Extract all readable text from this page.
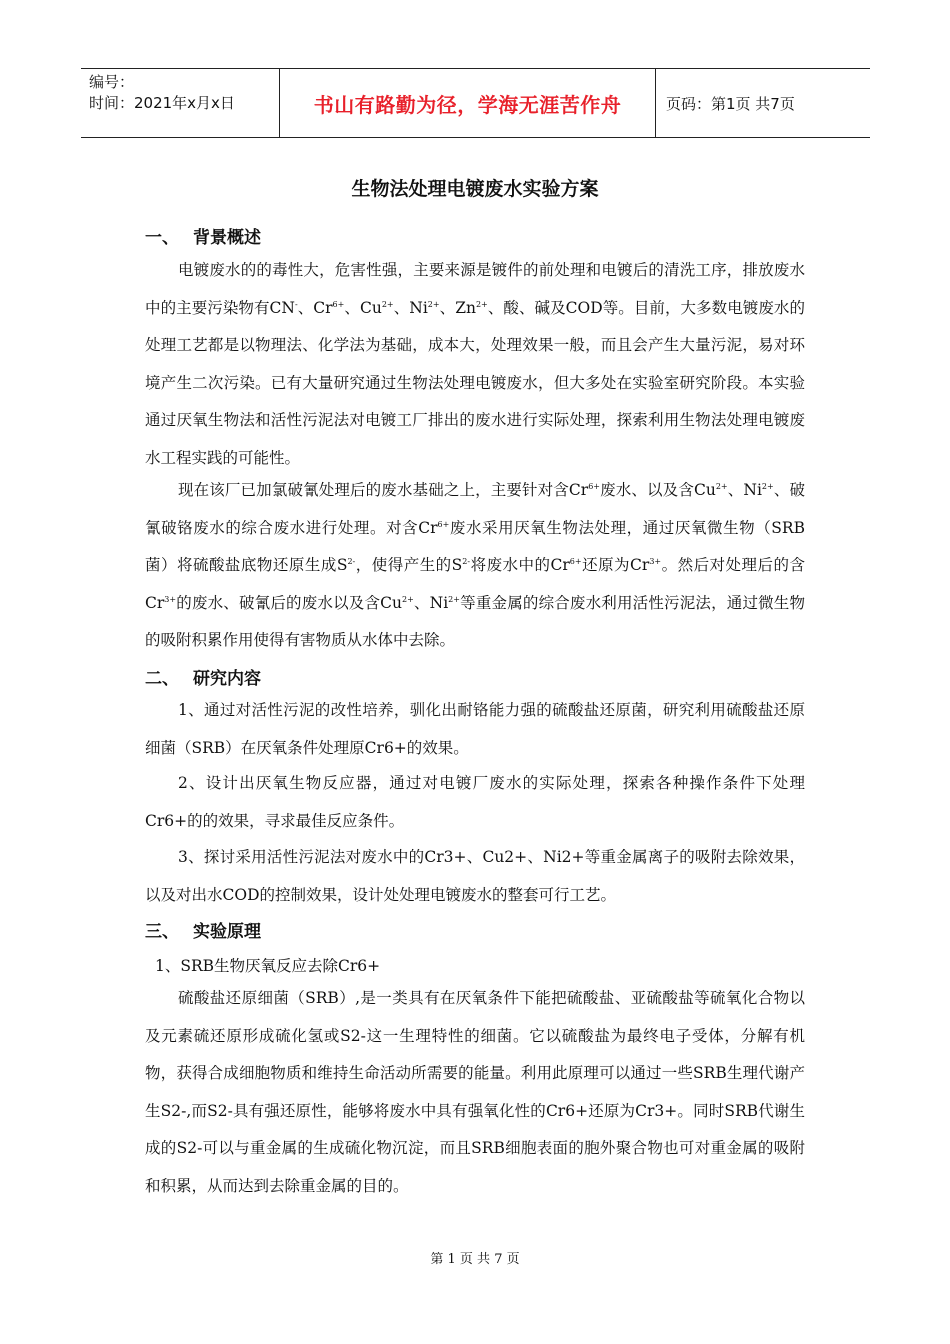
编号：
时间：2021年x月x日	书山有路勤为径，学海无涯苦作舟	页码：第1页 共7页
生物法处理电镀废水实验方案
一、 背景概述
电镀废水的的毒性大，危害性强，主要来源是镀件的前处理和电镀后的清洗工序，排放废水中的主要污染物有CN-、$Cr^{6+}$、$Cu^{2+}$、$Ni^{2+}$、$Zn^{2+}$、酸、碱及COD等。目前，大多数电镀废水的处理工艺都是以物理法、化学法为基础，成本大，处理效果一般，而且会产生大量污泥，易对环境产生二次污染。已有大量研究通过生物法处理电镀废水，但大多处在实验室研究阶段。本实验通过厌氧生物法和活性污泥法对电镀工厂排出的废水进行实际处理，探索利用生物法处理电镀废水工程实践的可能性。
现在该厂已加氯破氰处理后的废水基础之上，主要针对含$Cr^{6+}$废水、以及含$Cu^{2+}$、$Ni^{2+}$、破氰破铬废水的综合废水进行处理。对含$Cr^{6+}$废水采用厌氧生物法处理，通过厌氧微生物（SRB菌）将硫酸盐底物还原生成$S^{2-}$，使得产生的$S^{2-}$将废水中的$Cr^{6+}$还原为$Cr^{3+}$。然后对处理后的含$Cr^{3+}$的废水、破氰后的废水以及含$Cu^{2+}$、$Ni^{2+}$等重金属的综合废水利用活性污泥法，通过微生物的吸附积累作用使得有害物质从水体中去除。
二、 研究内容
1、通过对活性污泥的改性培养，驯化出耐铬能力强的硫酸盐还原菌，研究利用硫酸盐还原细菌（SRB）在厌氧条件处理原Cr6+的效果。
2、设计出厌氧生物反应器，通过对电镀厂废水的实际处理，探索各种操作条件下处理Cr6+的的效果，寻求最佳反应条件。
3、探讨采用活性污泥法对废水中的Cr3+、Cu2+、Ni2+等重金属离子的吸附去除效果，以及对出水COD的控制效果，设计处处理电镀废水的整套可行工艺。
三、 实验原理
1、SRB生物厌氧反应去除Cr6+
硫酸盐还原细菌（SRB）,是一类具有在厌氧条件下能把硫酸盐、亚硫酸盐等硫氧化合物以及元素硫还原形成硫化氢或S2-这一生理特性的细菌。它以硫酸盐为最终电子受体，分解有机物，获得合成细胞物质和维持生命活动所需要的能量。利用此原理可以通过一些SRB生理代谢产生S2-,而S2-具有强还原性，能够将废水中具有强氧化性的Cr6+还原为Cr3+。同时SRB代谢生成的S2-可以与重金属的生成硫化物沉淀，而且SRB细胞表面的胞外聚合物也可对重金属的吸附和积累，从而达到去除重金属的目的。
第 1 页 共 7 页
